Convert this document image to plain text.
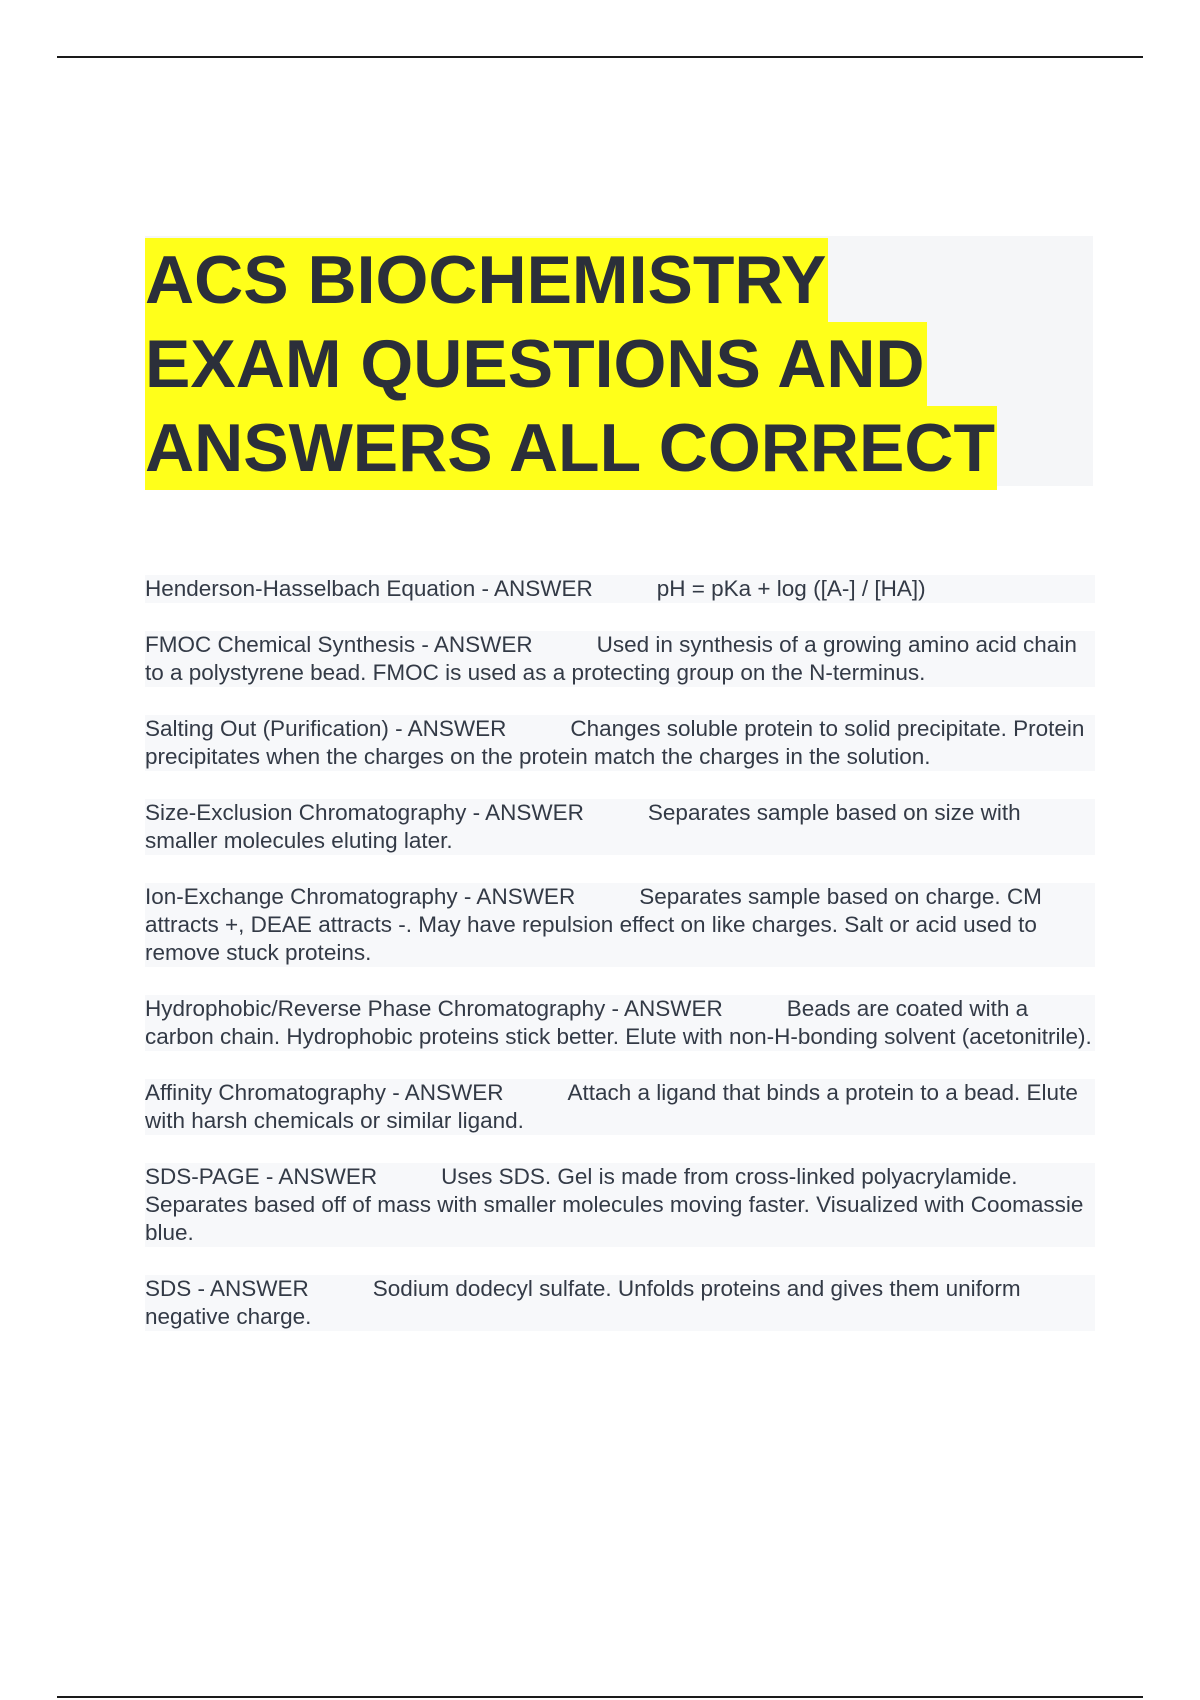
ACS BIOCHEMISTRY
EXAM QUESTIONS AND
ANSWERS ALL CORRECT

Henderson-Hasselbach Equation - ANSWER	pH = pKa + log ([A-] / [HA])

FMOC Chemical Synthesis - ANSWER	Used in synthesis of a growing amino acid chain to a polystyrene bead. FMOC is used as a protecting group on the N-terminus.

Salting Out (Purification) - ANSWER	Changes soluble protein to solid precipitate. Protein precipitates when the charges on the protein match the charges in the solution.

Size-Exclusion Chromatography - ANSWER	Separates sample based on size with smaller molecules eluting later.

Ion-Exchange Chromatography - ANSWER	Separates sample based on charge. CM attracts +, DEAE attracts -. May have repulsion effect on like charges. Salt or acid used to remove stuck proteins.

Hydrophobic/Reverse Phase Chromatography - ANSWER	Beads are coated with a carbon chain. Hydrophobic proteins stick better. Elute with non-H-bonding solvent (acetonitrile).

Affinity Chromatography - ANSWER	Attach a ligand that binds a protein to a bead. Elute with harsh chemicals or similar ligand.

SDS-PAGE - ANSWER	Uses SDS. Gel is made from cross-linked polyacrylamide. Separates based off of mass with smaller molecules moving faster. Visualized with Coomassie blue.

SDS - ANSWER	Sodium dodecyl sulfate. Unfolds proteins and gives them uniform negative charge.
